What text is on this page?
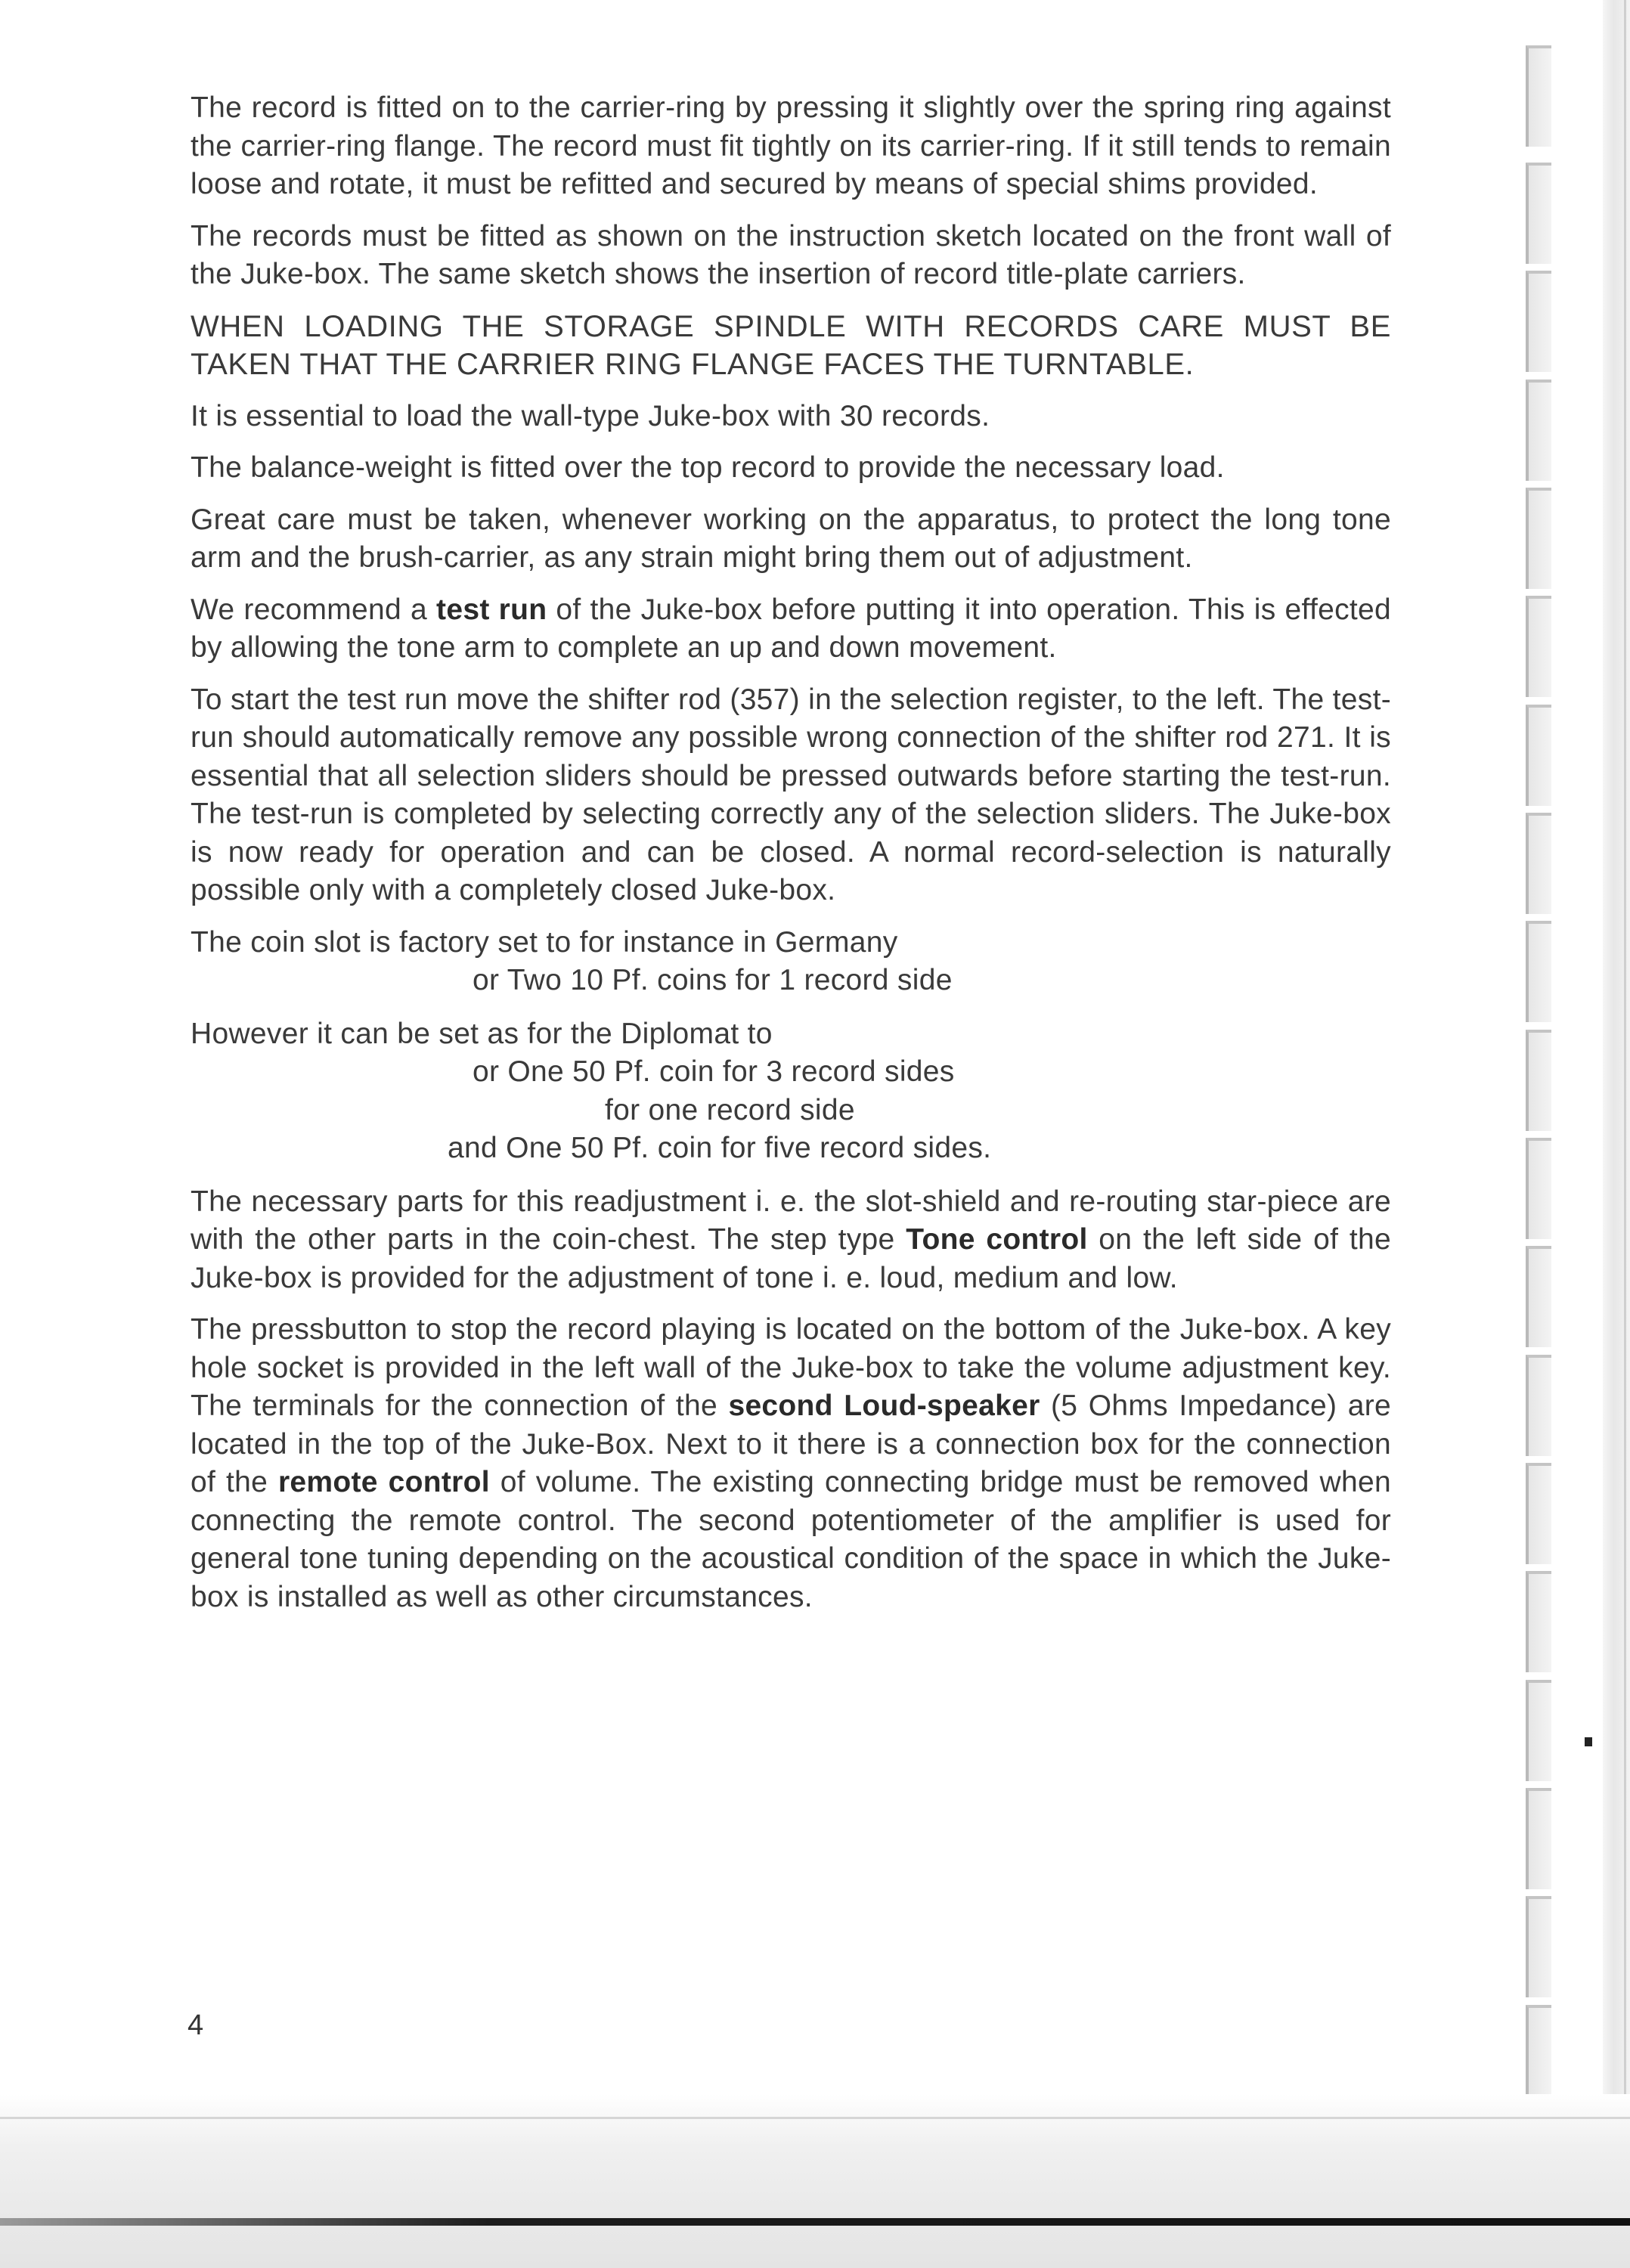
The record is fitted on to the carrier-ring by pressing it slightly over the spring ring against the carrier-ring flange. The record must fit tightly on its carrier-ring. If it still tends to remain loose and rotate, it must be refitted and secured by means of special shims provided.

The records must be fitted as shown on the instruction sketch located on the front wall of the Juke-box. The same sketch shows the insertion of record title-plate carriers.

WHEN LOADING THE STORAGE SPINDLE WITH RECORDS CARE MUST BE TAKEN THAT THE CARRIER RING FLANGE FACES THE TURNTABLE.

It is essential to load the wall-type Juke-box with 30 records.

The balance-weight is fitted over the top record to provide the necessary load.

Great care must be taken, whenever working on the apparatus, to protect the long tone arm and the brush-carrier, as any strain might bring them out of adjustment.

We recommend a test run of the Juke-box before putting it into operation. This is effected by allowing the tone arm to complete an up and down movement.

To start the test run move the shifter rod (357) in the selection register, to the left. The test-run should automatically remove any possible wrong connection of the shifter rod 271. It is essential that all selection sliders should be pressed outwards before starting the test-run. The test-run is completed by selecting correctly any of the selection sliders. The Juke-box is now ready for operation and can be closed. A normal record-selection is naturally possible only with a completely closed Juke-box.

The coin slot is factory set to for instance in Germany

or Two 10 Pf. coins for 1 record side

However it can be set as for the Diplomat to

or One 50 Pf. coin for 3 record sides

for one record side

and One 50 Pf. coin for five record sides.

The necessary parts for this readjustment i. e. the slot-shield and re-routing star-piece are with the other parts in the coin-chest. The step type Tone control on the left side of the Juke-box is provided for the adjustment of tone i. e. loud, medium and low.

The pressbutton to stop the record playing is located on the bottom of the Juke-box. A key hole socket is provided in the left wall of the Juke-box to take the volume adjustment key. The terminals for the connection of the second Loud-speaker (5 Ohms Impedance) are located in the top of the Juke-Box. Next to it there is a connection box for the connection of the remote control of volume. The existing connecting bridge must be removed when connecting the remote control. The second potentiometer of the amplifier is used for general tone tuning depending on the acoustical condition of the space in which the Juke-box is installed as well as other circumstances.

4
